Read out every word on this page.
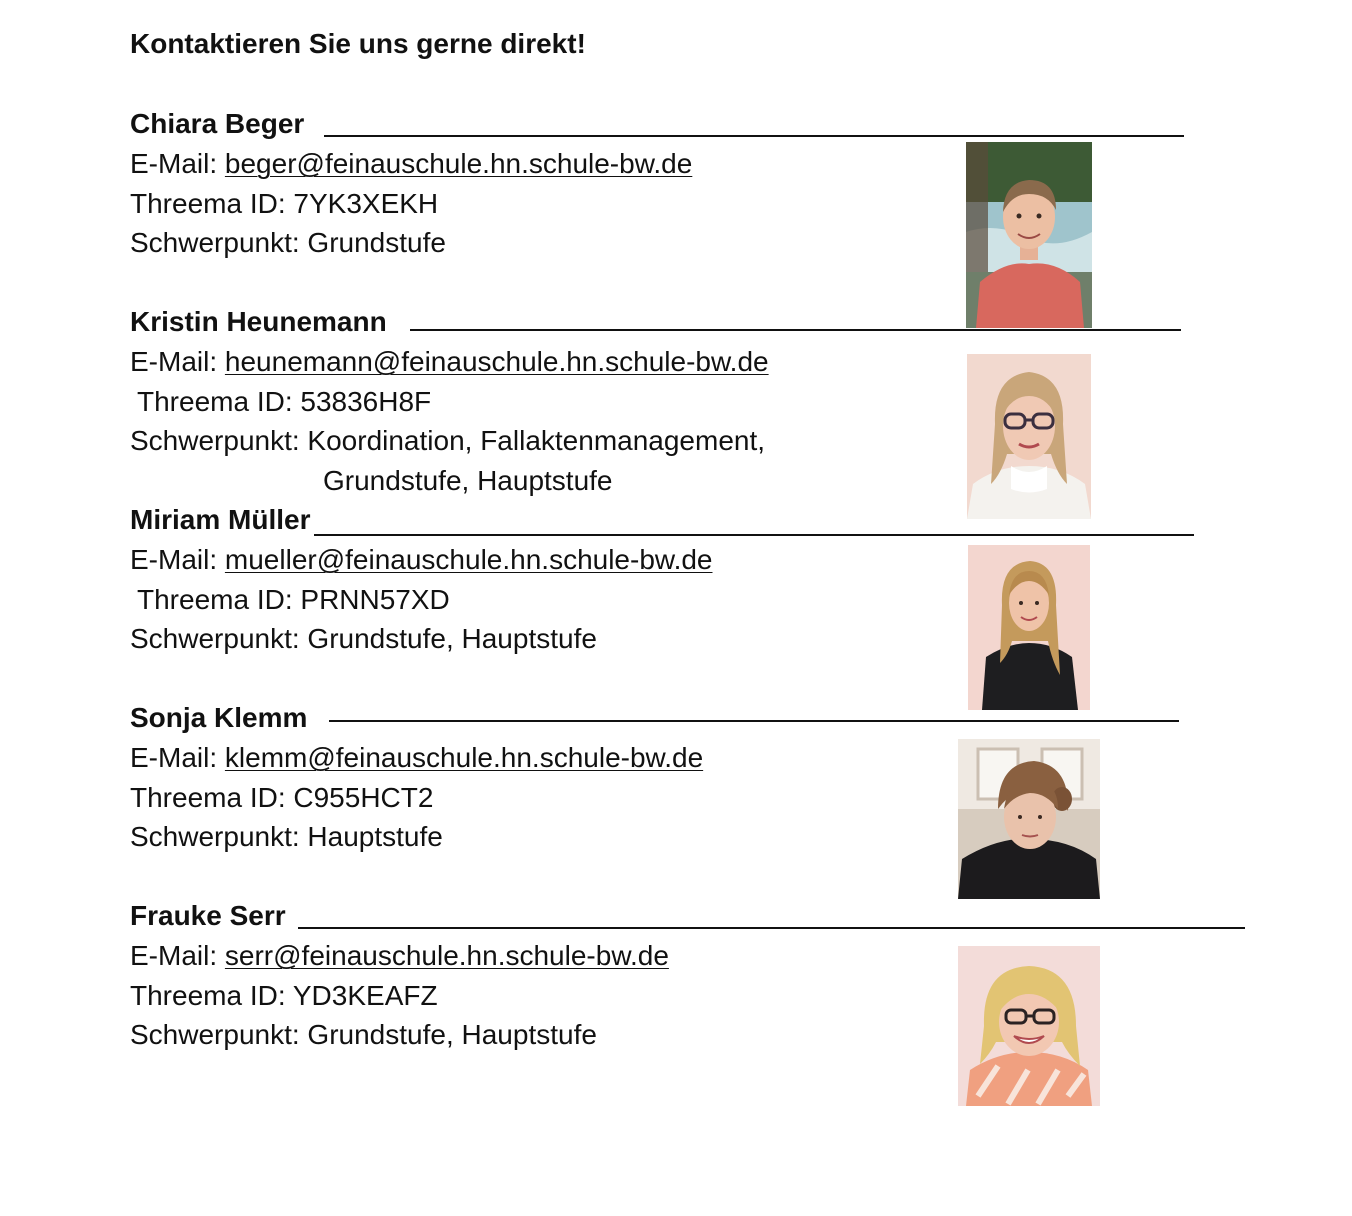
Kontaktieren Sie uns gerne direkt!
Chiara Beger
E-Mail: beger@feinauschule.hn.schule-bw.de
Threema ID: 7YK3XEKH
Schwerpunkt: Grundstufe
Kristin Heunemann
E-Mail: heunemann@feinauschule.hn.schule-bw.de
Threema ID: 53836H8F
Schwerpunkt: Koordination, Fallaktenmanagement,
Grundstufe, Hauptstufe
Miriam Müller
E-Mail: mueller@feinauschule.hn.schule-bw.de
Threema ID: PRNN57XD
Schwerpunkt: Grundstufe, Hauptstufe
Sonja Klemm
E-Mail: klemm@feinauschule.hn.schule-bw.de
Threema ID: C955HCT2
Schwerpunkt: Hauptstufe
Frauke Serr
E-Mail: serr@feinauschule.hn.schule-bw.de
Threema ID: YD3KEAFZ
Schwerpunkt: Grundstufe, Hauptstufe
